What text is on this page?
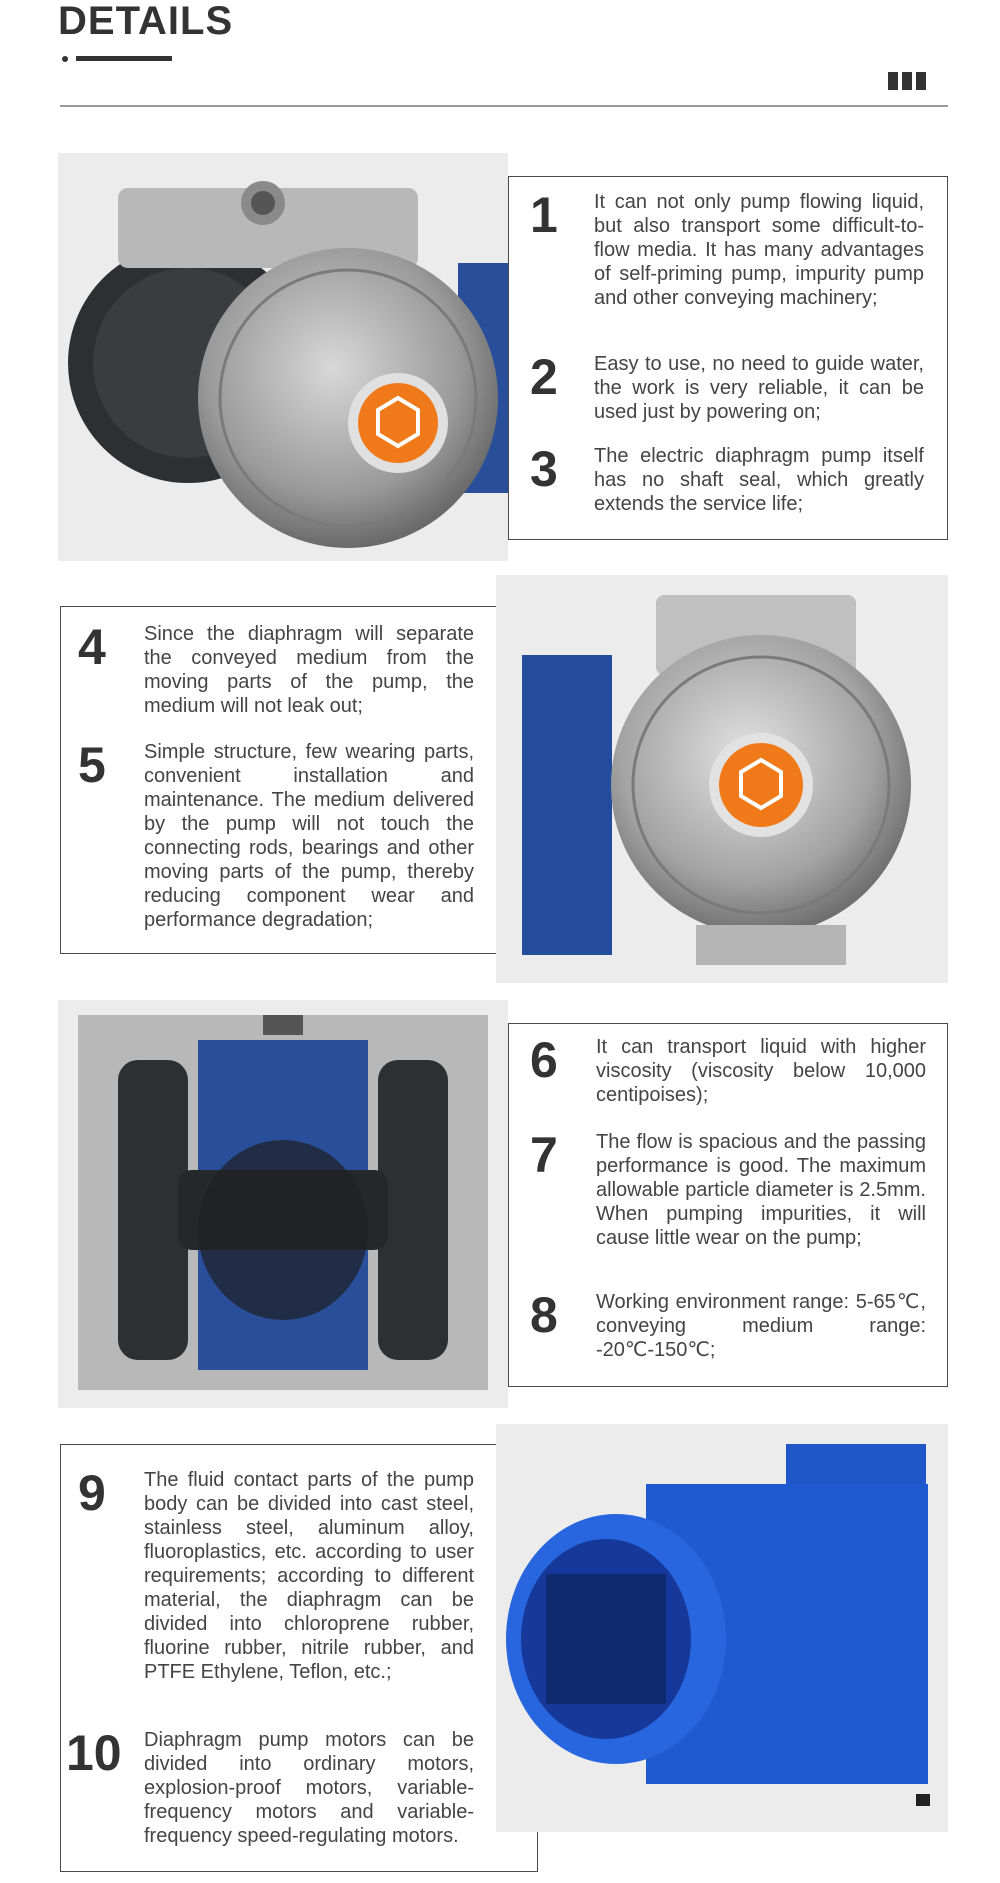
DETAILS
1	It can not only pump flowing liquid, but also transport some difficult-to-flow media. It has many advantages of self-priming pump, impurity pump and other conveying machinery;
2	Easy to use, no need to guide water, the work is very reliable, it can be used just by powering on;
3	The electric diaphragm pump itself has no shaft seal, which greatly extends the service life;
4	Since the diaphragm will separate the conveyed medium from the moving parts of the pump, the medium will not leak out;
5	Simple structure, few wearing parts, convenient installation and maintenance. The medium delivered by the pump will not touch the connecting rods, bearings and other moving parts of the pump, thereby reducing component wear and performance degradation;
6	It can transport liquid with higher viscosity (viscosity below 10,000 centipoises);
7	The flow is spacious and the passing performance is good. The maximum allowable particle diameter is 2.5mm. When pumping impurities, it will cause little wear on the pump;
8	Working environment range: 5-65℃, conveying medium range: -20℃-150℃;
9	The fluid contact parts of the pump body can be divided into cast steel, stainless steel, aluminum alloy, fluoroplastics, etc. according to user requirements; according to different material, the diaphragm can be divided into chloroprene rubber, fluorine rubber, nitrile rubber, and PTFE Ethylene, Teflon, etc.;
10	Diaphragm pump motors can be divided into ordinary motors, explosion-proof motors, variable-frequency motors and variable-frequency speed-regulating motors.
